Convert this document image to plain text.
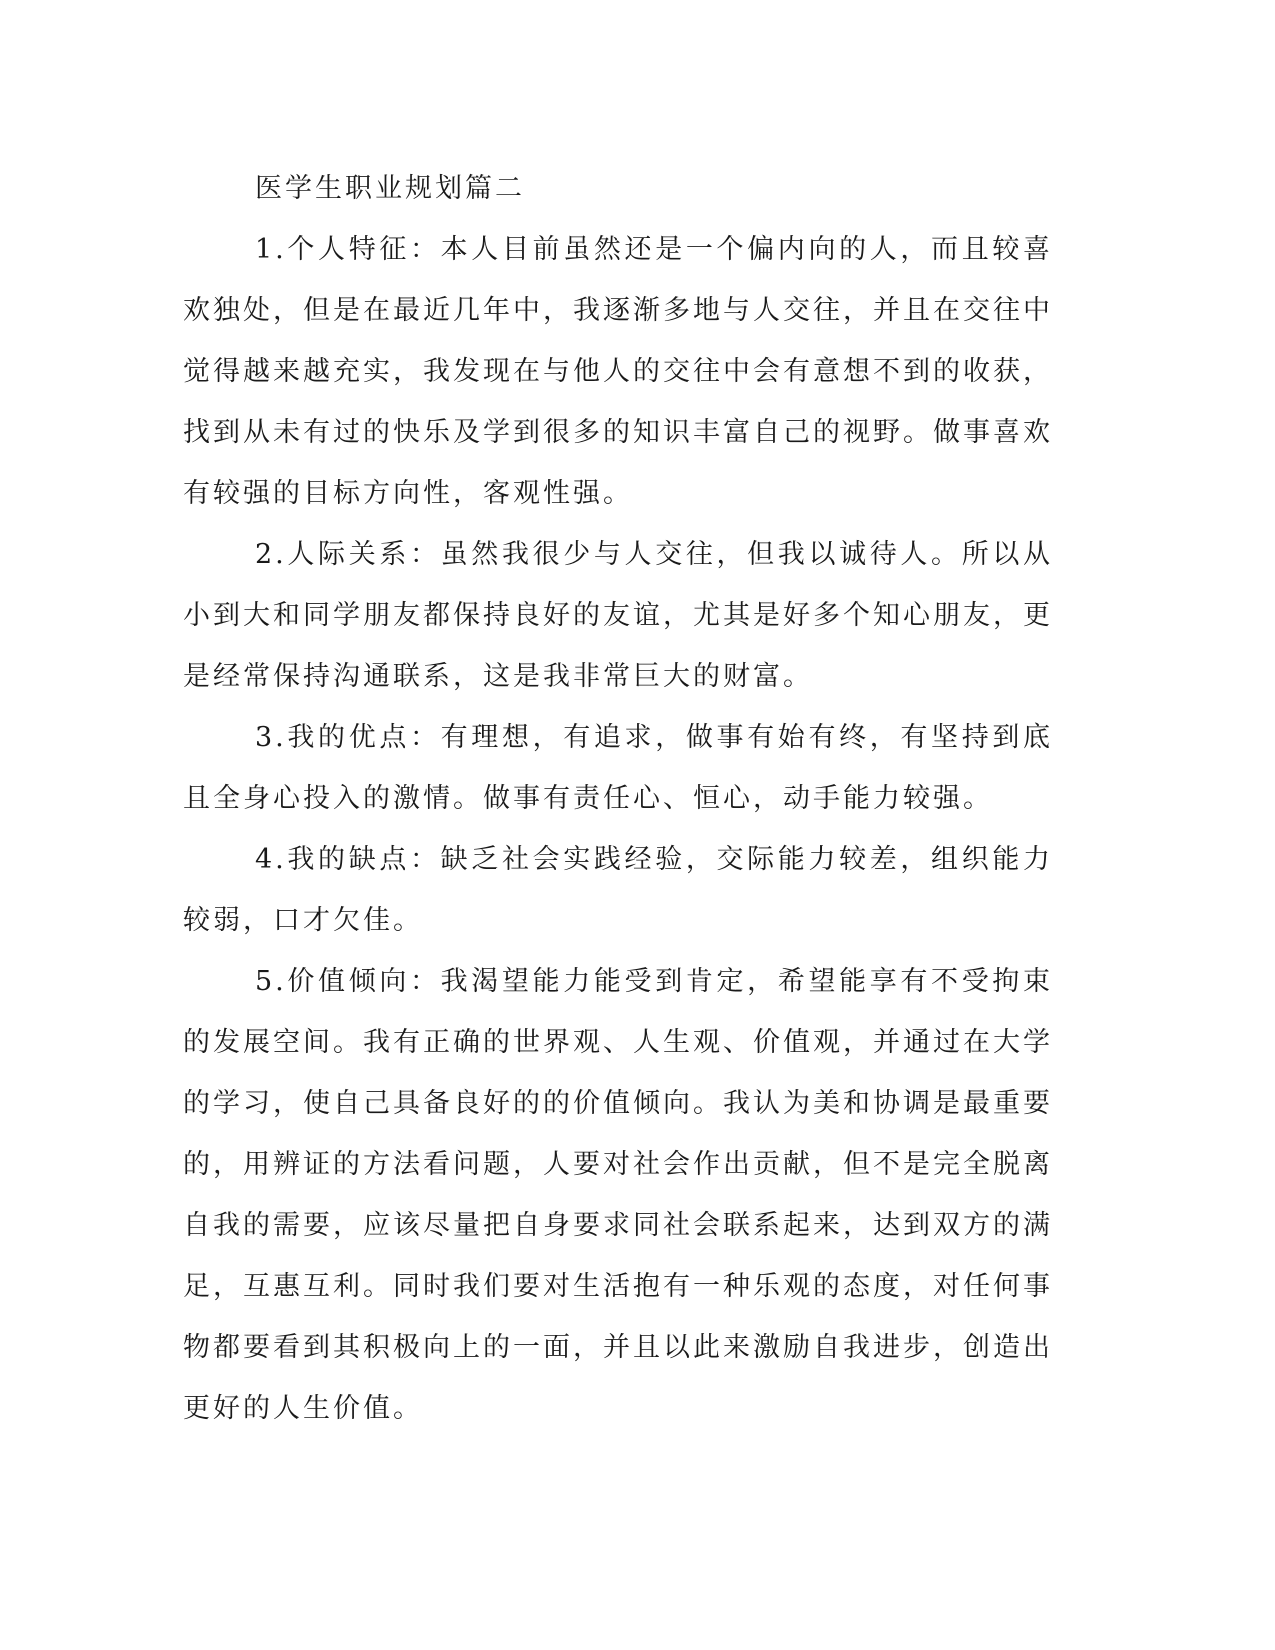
医学生职业规划篇二

1.个人特征：本人目前虽然还是一个偏内向的人，而且较喜欢独处，但是在最近几年中，我逐渐多地与人交往，并且在交往中觉得越来越充实，我发现在与他人的交往中会有意想不到的收获，找到从未有过的快乐及学到很多的知识丰富自己的视野。做事喜欢有较强的目标方向性，客观性强。

2.人际关系：虽然我很少与人交往，但我以诚待人。所以从小到大和同学朋友都保持良好的友谊，尤其是好多个知心朋友，更是经常保持沟通联系，这是我非常巨大的财富。

3.我的优点：有理想，有追求，做事有始有终，有坚持到底且全身心投入的激情。做事有责任心、恒心，动手能力较强。

4.我的缺点：缺乏社会实践经验，交际能力较差，组织能力较弱，口才欠佳。

5.价值倾向：我渴望能力能受到肯定，希望能享有不受拘束的发展空间。我有正确的世界观、人生观、价值观，并通过在大学的学习，使自己具备良好的的价值倾向。我认为美和协调是最重要的，用辨证的方法看问题，人要对社会作出贡献，但不是完全脱离自我的需要，应该尽量把自身要求同社会联系起来，达到双方的满足，互惠互利。同时我们要对生活抱有一种乐观的态度，对任何事物都要看到其积极向上的一面，并且以此来激励自我进步，创造出更好的人生价值。
